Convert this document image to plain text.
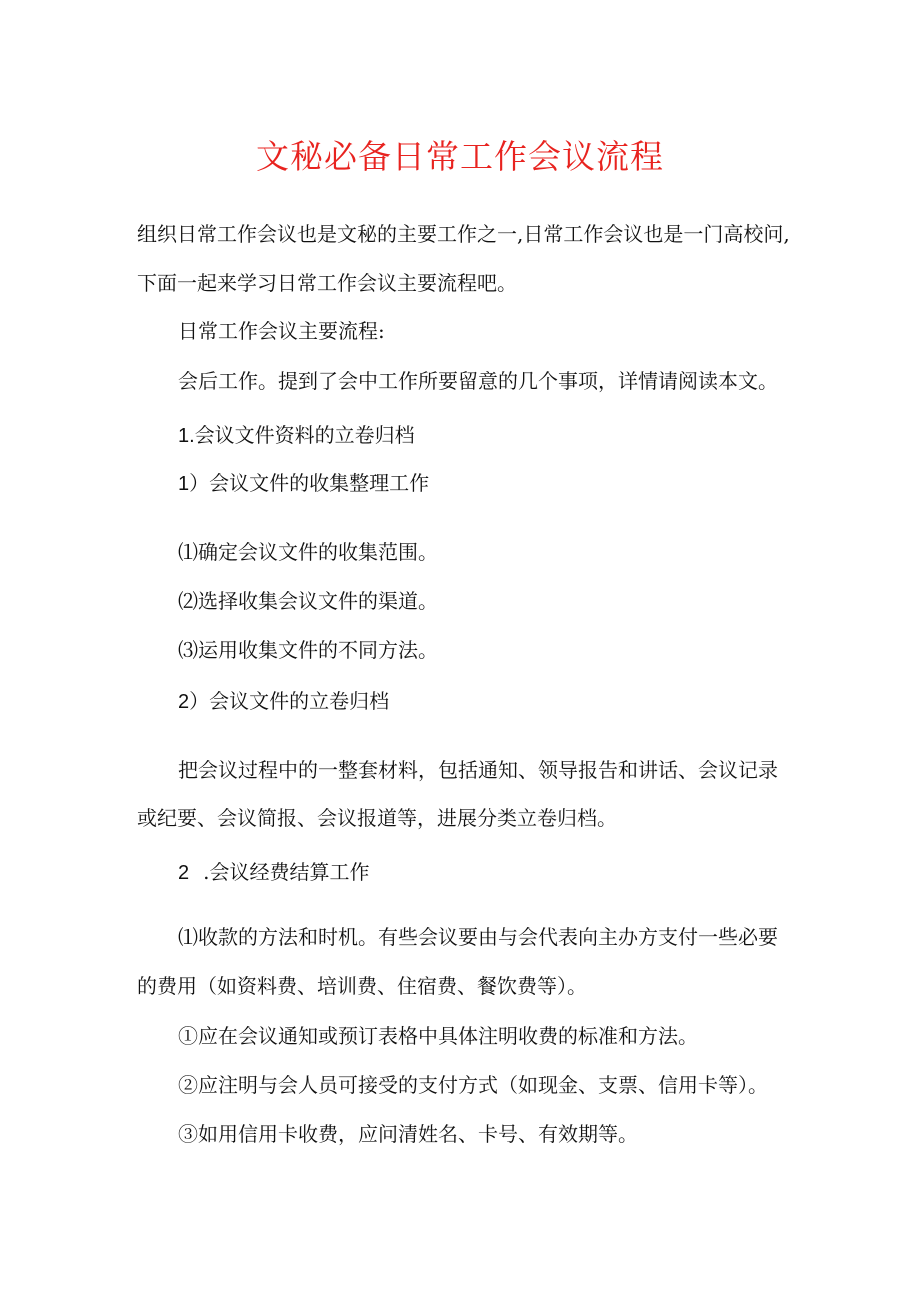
文秘必备日常工作会议流程

组织日常工作会议也是文秘的主要工作之一,日常工作会议也是一门高校问,

下面一起来学习日常工作会议主要流程吧。

日常工作会议主要流程:

会后工作。提到了会中工作所要留意的几个事项，详情请阅读本文。

1.会议文件资料的立卷归档

1）会议文件的收集整理工作

⑴确定会议文件的收集范围。

⑵选择收集会议文件的渠道。

⑶运用收集文件的不同方法。

2）会议文件的立卷归档

把会议过程中的一整套材料，包括通知、领导报告和讲话、会议记录

或纪要、会议简报、会议报道等，进展分类立卷归档。

2 .会议经费结算工作

⑴收款的方法和时机。有些会议要由与会代表向主办方支付一些必要

的费用（如资料费、培训费、住宿费、餐饮费等）。

①应在会议通知或预订表格中具体注明收费的标准和方法。

②应注明与会人员可接受的支付方式（如现金、支票、信用卡等）。

③如用信用卡收费，应问清姓名、卡号、有效期等。
